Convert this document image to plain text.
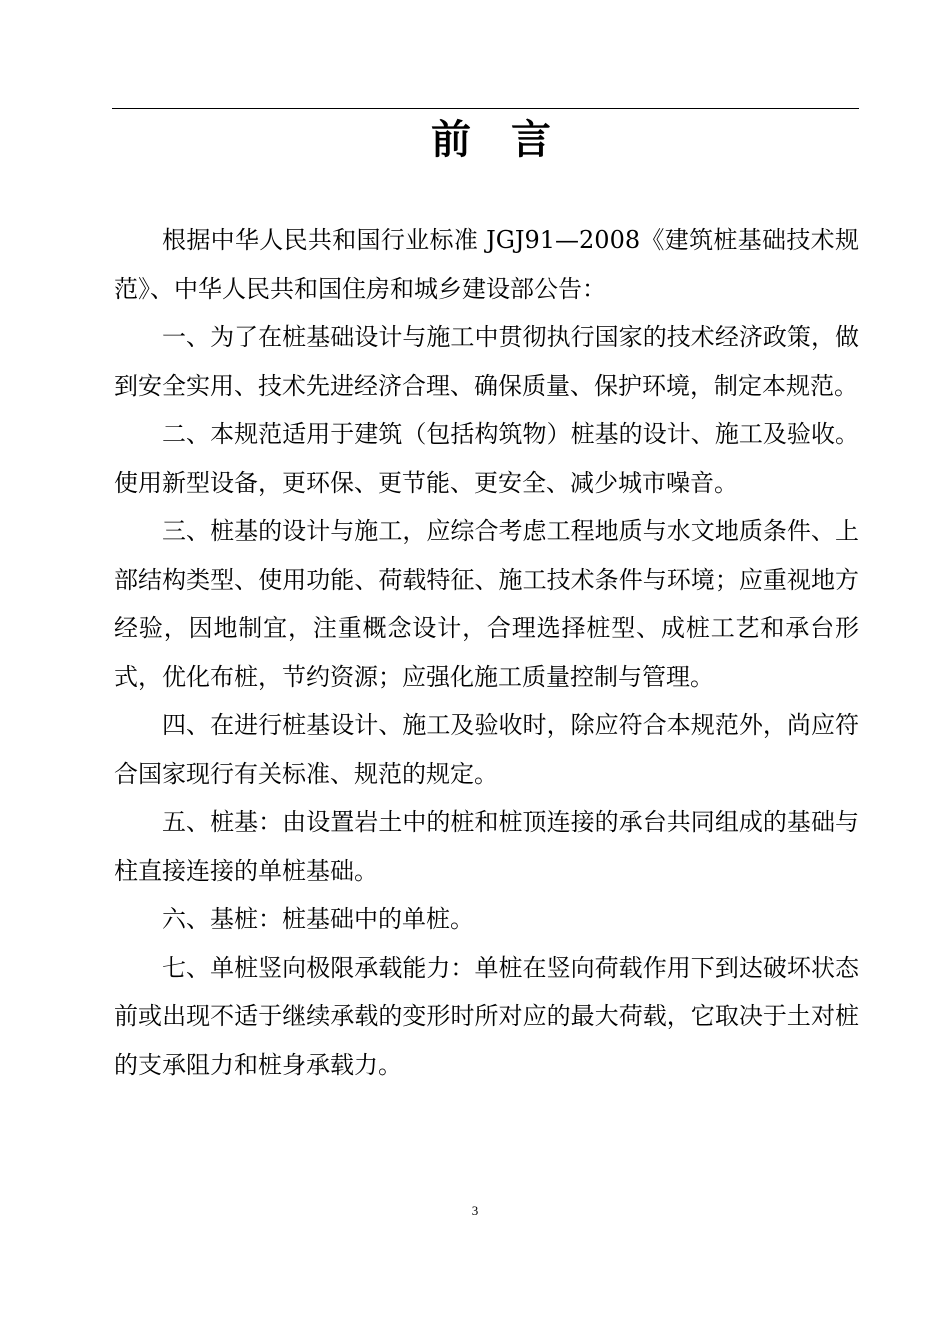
前言

根据中华人民共和国行业标准 JGJ91—2008《建筑桩基础技术规范》、中华人民共和国住房和城乡建设部公告：

一、为了在桩基础设计与施工中贯彻执行国家的技术经济政策，做到安全实用、技术先进经济合理、确保质量、保护环境，制定本规范。

二、本规范适用于建筑（包括构筑物）桩基的设计、施工及验收。使用新型设备，更环保、更节能、更安全、减少城市噪音。

三、桩基的设计与施工，应综合考虑工程地质与水文地质条件、上部结构类型、使用功能、荷载特征、施工技术条件与环境；应重视地方经验，因地制宜，注重概念设计，合理选择桩型、成桩工艺和承台形式，优化布桩，节约资源；应强化施工质量控制与管理。

四、在进行桩基设计、施工及验收时，除应符合本规范外，尚应符合国家现行有关标准、规范的规定。

五、桩基：由设置岩土中的桩和桩顶连接的承台共同组成的基础与柱直接连接的单桩基础。

六、基桩：桩基础中的单桩。

七、单桩竖向极限承载能力：单桩在竖向荷载作用下到达破坏状态前或出现不适于继续承载的变形时所对应的最大荷载，它取决于土对桩的支承阻力和桩身承载力。

3
